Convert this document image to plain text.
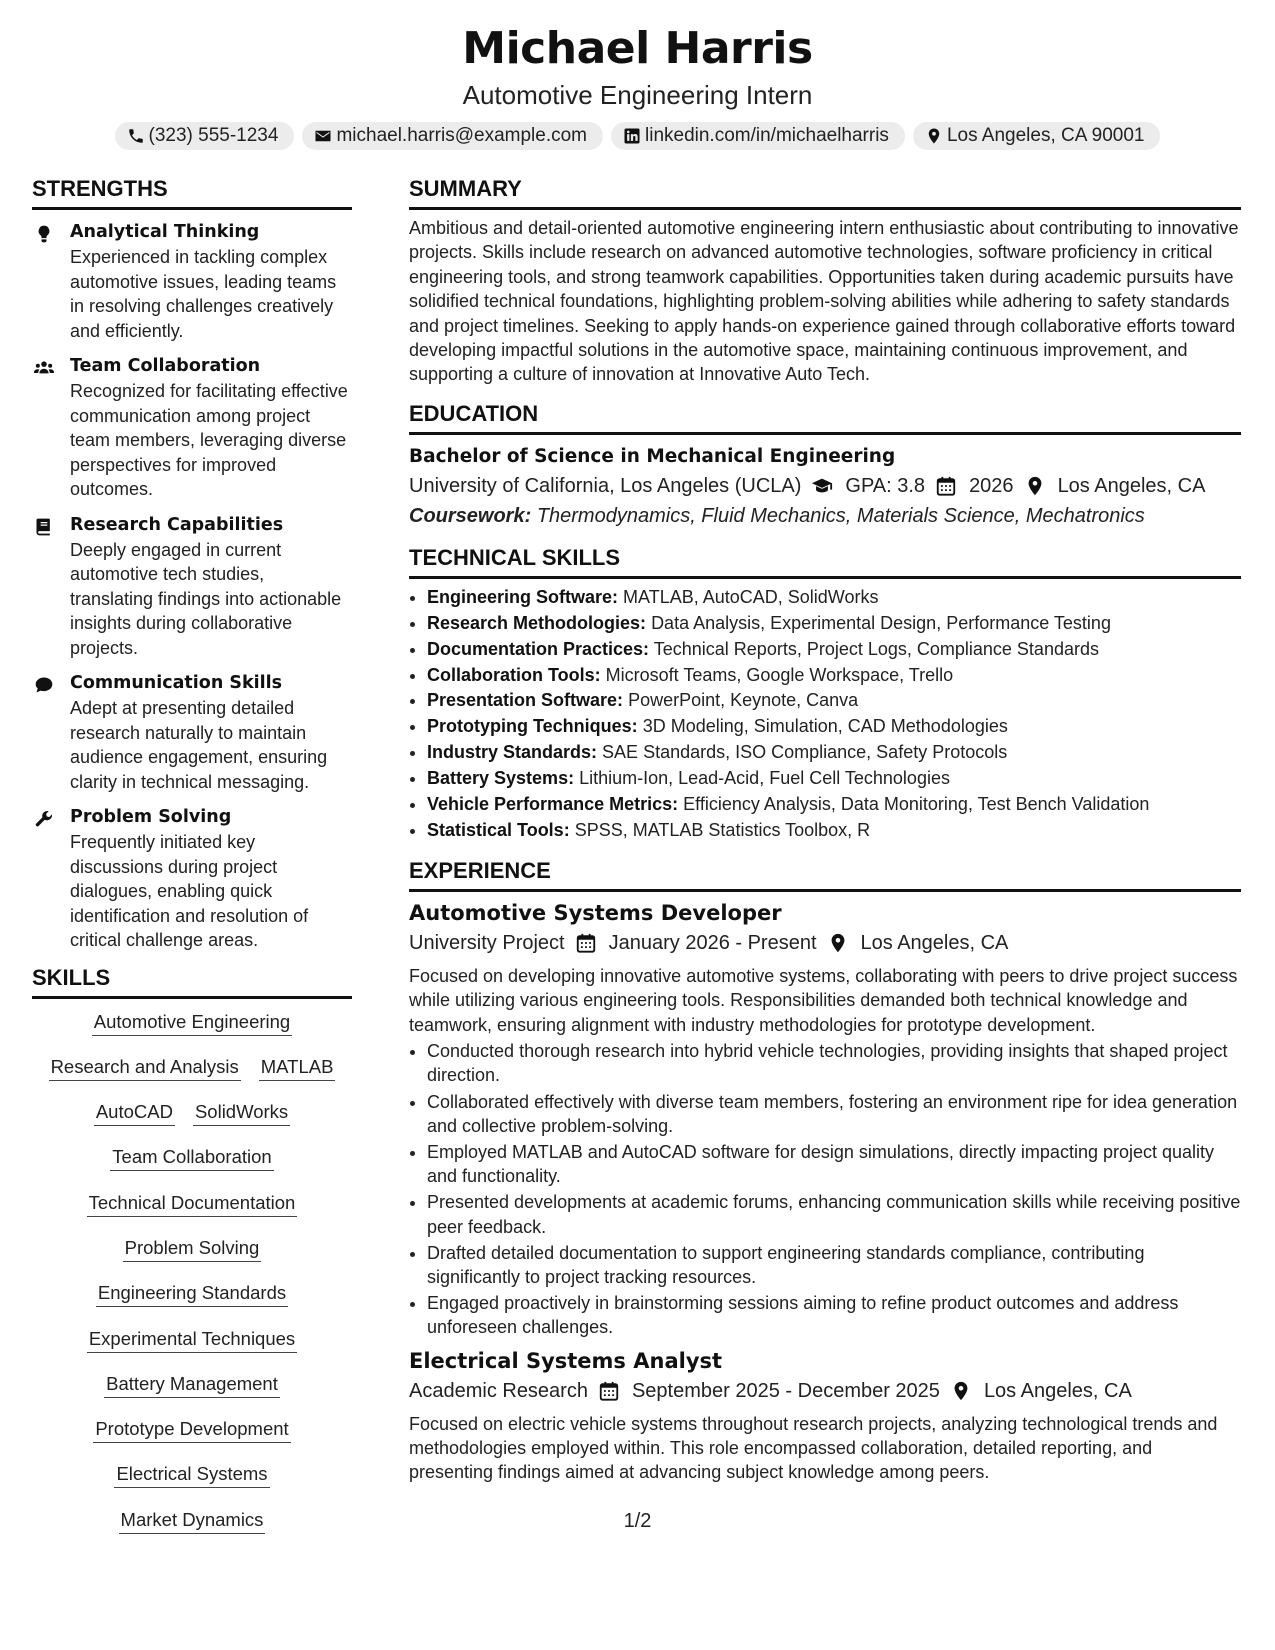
Michael Harris
Automotive Engineering Intern
(323) 555-1234	michael.harris@example.com	linkedin.com/in/michaelharris	Los Angeles, CA 90001
STRENGTHS
Analytical Thinking
Experienced in tackling complex automotive issues, leading teams in resolving challenges creatively and efficiently.
Team Collaboration
Recognized for facilitating effective communication among project team members, leveraging diverse perspectives for improved outcomes.
Research Capabilities
Deeply engaged in current automotive tech studies, translating findings into actionable insights during collaborative projects.
Communication Skills
Adept at presenting detailed research naturally to maintain audience engagement, ensuring clarity in technical messaging.
Problem Solving
Frequently initiated key discussions during project dialogues, enabling quick identification and resolution of critical challenge areas.
SKILLS
Automotive Engineering
Research and Analysis MATLAB
AutoCAD SolidWorks
Team Collaboration
Technical Documentation
Problem Solving
Engineering Standards
Experimental Techniques
Battery Management
Prototype Development
Electrical Systems
Market Dynamics
SUMMARY
Ambitious and detail-oriented automotive engineering intern enthusiastic about contributing to innovative projects. Skills include research on advanced automotive technologies, software proficiency in critical engineering tools, and strong teamwork capabilities. Opportunities taken during academic pursuits have solidified technical foundations, highlighting problem-solving abilities while adhering to safety standards and project timelines. Seeking to apply hands-on experience gained through collaborative efforts toward developing impactful solutions in the automotive space, maintaining continuous improvement, and supporting a culture of innovation at Innovative Auto Tech.
EDUCATION
Bachelor of Science in Mechanical Engineering
University of California, Los Angeles (UCLA) GPA: 3.8 2026 Los Angeles, CA
Coursework: Thermodynamics, Fluid Mechanics, Materials Science, Mechatronics
TECHNICAL SKILLS
• Engineering Software: MATLAB, AutoCAD, SolidWorks
• Research Methodologies: Data Analysis, Experimental Design, Performance Testing
• Documentation Practices: Technical Reports, Project Logs, Compliance Standards
• Collaboration Tools: Microsoft Teams, Google Workspace, Trello
• Presentation Software: PowerPoint, Keynote, Canva
• Prototyping Techniques: 3D Modeling, Simulation, CAD Methodologies
• Industry Standards: SAE Standards, ISO Compliance, Safety Protocols
• Battery Systems: Lithium-Ion, Lead-Acid, Fuel Cell Technologies
• Vehicle Performance Metrics: Efficiency Analysis, Data Monitoring, Test Bench Validation
• Statistical Tools: SPSS, MATLAB Statistics Toolbox, R
EXPERIENCE
Automotive Systems Developer
University Project January 2026 - Present Los Angeles, CA
Focused on developing innovative automotive systems, collaborating with peers to drive project success while utilizing various engineering tools. Responsibilities demanded both technical knowledge and teamwork, ensuring alignment with industry methodologies for prototype development.
• Conducted thorough research into hybrid vehicle technologies, providing insights that shaped project direction.
• Collaborated effectively with diverse team members, fostering an environment ripe for idea generation and collective problem-solving.
• Employed MATLAB and AutoCAD software for design simulations, directly impacting project quality and functionality.
• Presented developments at academic forums, enhancing communication skills while receiving positive peer feedback.
• Drafted detailed documentation to support engineering standards compliance, contributing significantly to project tracking resources.
• Engaged proactively in brainstorming sessions aiming to refine product outcomes and address unforeseen challenges.
Electrical Systems Analyst
Academic Research September 2025 - December 2025 Los Angeles, CA
Focused on electric vehicle systems throughout research projects, analyzing technological trends and methodologies employed within. This role encompassed collaboration, detailed reporting, and presenting findings aimed at advancing subject knowledge among peers.
1/2
